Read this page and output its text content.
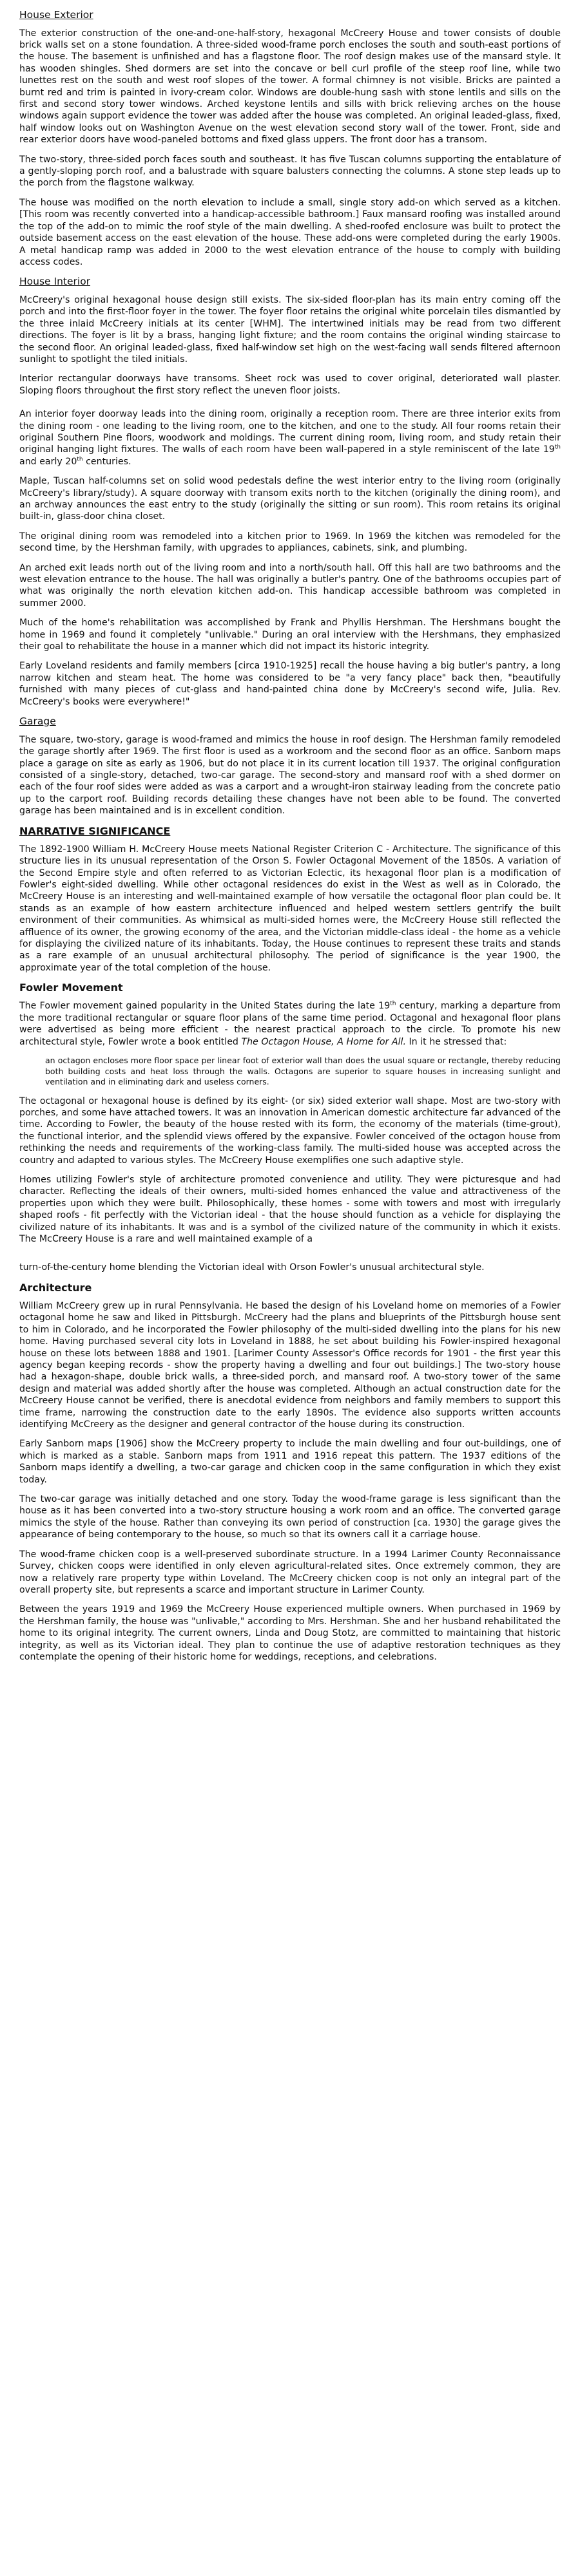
House Exterior

The exterior construction of the one-and-one-half-story, hexagonal McCreery House and tower consists of double brick walls set on a stone foundation. A three-sided wood-frame porch encloses the south and south-east portions of the house. The basement is unfinished and has a flagstone floor. The roof design makes use of the mansard style. It has wooden shingles. Shed dormers are set into the concave or bell curl profile of the steep roof line, while two lunettes rest on the south and west roof slopes of the tower. A formal chimney is not visible. Bricks are painted a burnt red and trim is painted in ivory-cream color. Windows are double-hung sash with stone lentils and sills on the first and second story tower windows. Arched keystone lentils and sills with brick relieving arches on the house windows again support evidence the tower was added after the house was completed. An original leaded-glass, fixed, half window looks out on Washington Avenue on the west elevation second story wall of the tower. Front, side and rear exterior doors have wood-paneled bottoms and fixed glass uppers. The front door has a transom.

The two-story, three-sided porch faces south and southeast. It has five Tuscan columns supporting the entablature of a gently-sloping porch roof, and a balustrade with square balusters connecting the columns. A stone step leads up to the porch from the flagstone walkway.

The house was modified on the north elevation to include a small, single story add-on which served as a kitchen. [This room was recently converted into a handicap-accessible bathroom.] Faux mansard roofing was installed around the top of the add-on to mimic the roof style of the main dwelling. A shed-roofed enclosure was built to protect the outside basement access on the east elevation of the house. These add-ons were completed during the early 1900s. A metal handicap ramp was added in 2000 to the west elevation entrance of the house to comply with building access codes.

House Interior

McCreery's original hexagonal house design still exists. The six-sided floor-plan has its main entry coming off the porch and into the first-floor foyer in the tower. The foyer floor retains the original white porcelain tiles dismantled by the three inlaid McCreery initials at its center [WHM]. The intertwined initials may be read from two different directions. The foyer is lit by a brass, hanging light fixture; and the room contains the original winding staircase to the second floor. An original leaded-glass, fixed half-window set high on the west-facing wall sends filtered afternoon sunlight to spotlight the tiled initials.

Interior rectangular doorways have transoms. Sheet rock was used to cover original, deteriorated wall plaster. Sloping floors throughout the first story reflect the uneven floor joists.

An interior foyer doorway leads into the dining room, originally a reception room. There are three interior exits from the dining room - one leading to the living room, one to the kitchen, and one to the study. All four rooms retain their original Southern Pine floors, woodwork and moldings. The current dining room, living room, and study retain their original hanging light fixtures. The walls of each room have been wall-papered in a style reminiscent of the late 19th and early 20th centuries.

Maple, Tuscan half-columns set on solid wood pedestals define the west interior entry to the living room (originally McCreery's library/study). A square doorway with transom exits north to the kitchen (originally the dining room), and an archway announces the east entry to the study (originally the sitting or sun room). This room retains its original built-in, glass-door china closet.

The original dining room was remodeled into a kitchen prior to 1969. In 1969 the kitchen was remodeled for the second time, by the Hershman family, with upgrades to appliances, cabinets, sink, and plumbing.

An arched exit leads north out of the living room and into a north/south hall. Off this hall are two bathrooms and the west elevation entrance to the house. The hall was originally a butler's pantry. One of the bathrooms occupies part of what was originally the north elevation kitchen add-on. This handicap accessible bathroom was completed in summer 2000.

Much of the home's rehabilitation was accomplished by Frank and Phyllis Hershman. The Hershmans bought the home in 1969 and found it completely "unlivable." During an oral interview with the Hershmans, they emphasized their goal to rehabilitate the house in a manner which did not impact its historic integrity.

Early Loveland residents and family members [circa 1910-1925] recall the house having a big butler's pantry, a long narrow kitchen and steam heat. The home was considered to be "a very fancy place" back then, "beautifully furnished with many pieces of cut-glass and hand-painted china done by McCreery's second wife, Julia. Rev. McCreery's books were everywhere!"

Garage

The square, two-story, garage is wood-framed and mimics the house in roof design. The Hershman family remodeled the garage shortly after 1969. The first floor is used as a workroom and the second floor as an office. Sanborn maps place a garage on site as early as 1906, but do not place it in its current location till 1937. The original configuration consisted of a single-story, detached, two-car garage. The second-story and mansard roof with a shed dormer on each of the four roof sides were added as was a carport and a wrought-iron stairway leading from the concrete patio up to the carport roof. Building records detailing these changes have not been able to be found. The converted garage has been maintained and is in excellent condition.

NARRATIVE SIGNIFICANCE

The 1892-1900 William H. McCreery House meets National Register Criterion C - Architecture. The significance of this structure lies in its unusual representation of the Orson S. Fowler Octagonal Movement of the 1850s. A variation of the Second Empire style and often referred to as Victorian Eclectic, its hexagonal floor plan is a modification of Fowler's eight-sided dwelling. While other octagonal residences do exist in the West as well as in Colorado, the McCreery House is an interesting and well-maintained example of how versatile the octagonal floor plan could be. It stands as an example of how eastern architecture influenced and helped western settlers gentrify the built environment of their communities. As whimsical as multi-sided homes were, the McCreery House still reflected the affluence of its owner, the growing economy of the area, and the Victorian middle-class ideal - the home as a vehicle for displaying the civilized nature of its inhabitants. Today, the House continues to represent these traits and stands as a rare example of an unusual architectural philosophy. The period of significance is the year 1900, the approximate year of the total completion of the house.

Fowler Movement

The Fowler movement gained popularity in the United States during the late 19th century, marking a departure from the more traditional rectangular or square floor plans of the same time period. Octagonal and hexagonal floor plans were advertised as being more efficient - the nearest practical approach to the circle. To promote his new architectural style, Fowler wrote a book entitled The Octagon House, A Home for All. In it he stressed that:

an octagon encloses more floor space per linear foot of exterior wall than does the usual square or rectangle, thereby reducing both building costs and heat loss through the walls. Octagons are superior to square houses in increasing sunlight and ventilation and in eliminating dark and useless corners.

The octagonal or hexagonal house is defined by its eight- (or six) sided exterior wall shape. Most are two-story with porches, and some have attached towers. It was an innovation in American domestic architecture far advanced of the time. According to Fowler, the beauty of the house rested with its form, the economy of the materials (time-grout), the functional interior, and the splendid views offered by the expansive. Fowler conceived of the octagon house from rethinking the needs and requirements of the working-class family. The multi-sided house was accepted across the country and adapted to various styles. The McCreery House exemplifies one such adaptive style.

Homes utilizing Fowler's style of architecture promoted convenience and utility. They were picturesque and had character. Reflecting the ideals of their owners, multi-sided homes enhanced the value and attractiveness of the properties upon which they were built. Philosophically, these homes - some with towers and most with irregularly shaped roofs - fit perfectly with the Victorian ideal - that the house should function as a vehicle for displaying the civilized nature of its inhabitants. It was and is a symbol of the civilized nature of the community in which it exists. The McCreery House is a rare and well maintained example of a

turn-of-the-century home blending the Victorian ideal with Orson Fowler's unusual architectural style.

Architecture

William McCreery grew up in rural Pennsylvania. He based the design of his Loveland home on memories of a Fowler octagonal home he saw and liked in Pittsburgh. McCreery had the plans and blueprints of the Pittsburgh house sent to him in Colorado, and he incorporated the Fowler philosophy of the multi-sided dwelling into the plans for his new home. Having purchased several city lots in Loveland in 1888, he set about building his Fowler-inspired hexagonal house on these lots between 1888 and 1901. [Larimer County Assessor's Office records for 1901 - the first year this agency began keeping records - show the property having a dwelling and four out buildings.] The two-story house had a hexagon-shape, double brick walls, a three-sided porch, and mansard roof. A two-story tower of the same design and material was added shortly after the house was completed. Although an actual construction date for the McCreery House cannot be verified, there is anecdotal evidence from neighbors and family members to support this time frame, narrowing the construction date to the early 1890s. The evidence also supports written accounts identifying McCreery as the designer and general contractor of the house during its construction.

Early Sanborn maps [1906] show the McCreery property to include the main dwelling and four out-buildings, one of which is marked as a stable. Sanborn maps from 1911 and 1916 repeat this pattern. The 1937 editions of the Sanborn maps identify a dwelling, a two-car garage and chicken coop in the same configuration in which they exist today.

The two-car garage was initially detached and one story. Today the wood-frame garage is less significant than the house as it has been converted into a two-story structure housing a work room and an office. The converted garage mimics the style of the house. Rather than conveying its own period of construction [ca. 1930] the garage gives the appearance of being contemporary to the house, so much so that its owners call it a carriage house.

The wood-frame chicken coop is a well-preserved subordinate structure. In a 1994 Larimer County Reconnaissance Survey, chicken coops were identified in only eleven agricultural-related sites. Once extremely common, they are now a relatively rare property type within Loveland. The McCreery chicken coop is not only an integral part of the overall property site, but represents a scarce and important structure in Larimer County.

Between the years 1919 and 1969 the McCreery House experienced multiple owners. When purchased in 1969 by the Hershman family, the house was "unlivable," according to Mrs. Hershman. She and her husband rehabilitated the home to its original integrity. The current owners, Linda and Doug Stotz, are committed to maintaining that historic integrity, as well as its Victorian ideal. They plan to continue the use of adaptive restoration techniques as they contemplate the opening of their historic home for weddings, receptions, and celebrations.
